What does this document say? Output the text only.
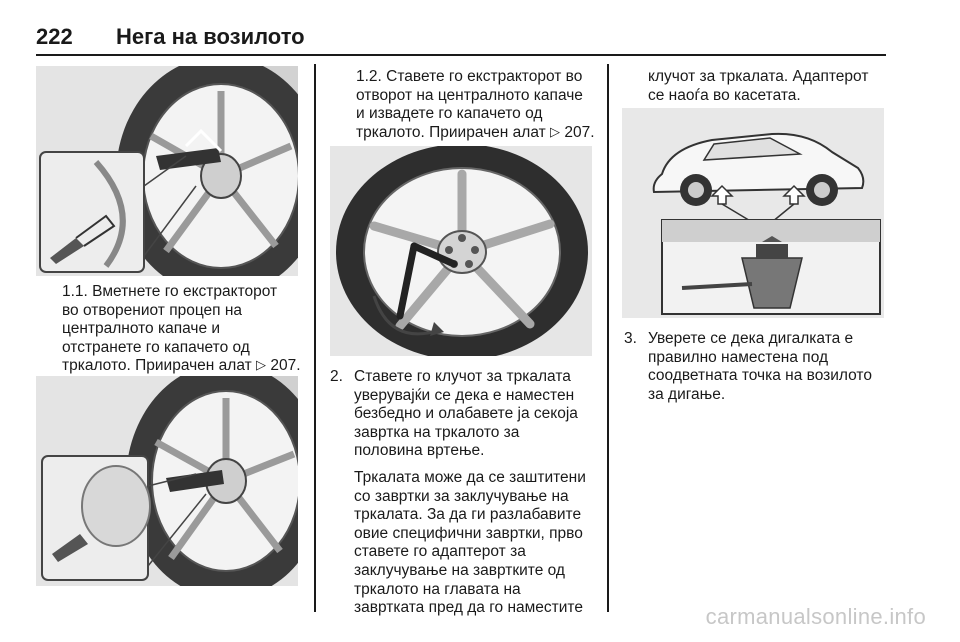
222 Нега на возилото

1.1. Вметнете го екстракторот

во отворениот процеп на

централното капаче и

отстранете го капачето од

тркалото. Приирачен алат ▷ 207.

1.2. Ставете го екстракторот во

отворот на централното капаче

и извадете го капачето од

тркалото. Приирачен алат ▷ 207.

2. Ставете го клучот за тркалата

уверувајќи се дека е наместен

безбедно и олабавете ја секоја

завртка на тркалото за

половина вртење.

Тркалата може да се заштитени

со завртки за заклучување на

тркалата. За да ги разлабавите

овие специфични завртки, прво

ставете го адаптерот за

заклучување на завртките од

тркалото на главата на

завртката пред да го наместите

клучот за тркалата. Адаптерот

се наоѓа во касетата.

3. Уверете се дека дигалката е

правилно наместена под

соодветната точка на возилото

за дигање.

carmanualsonline.info
